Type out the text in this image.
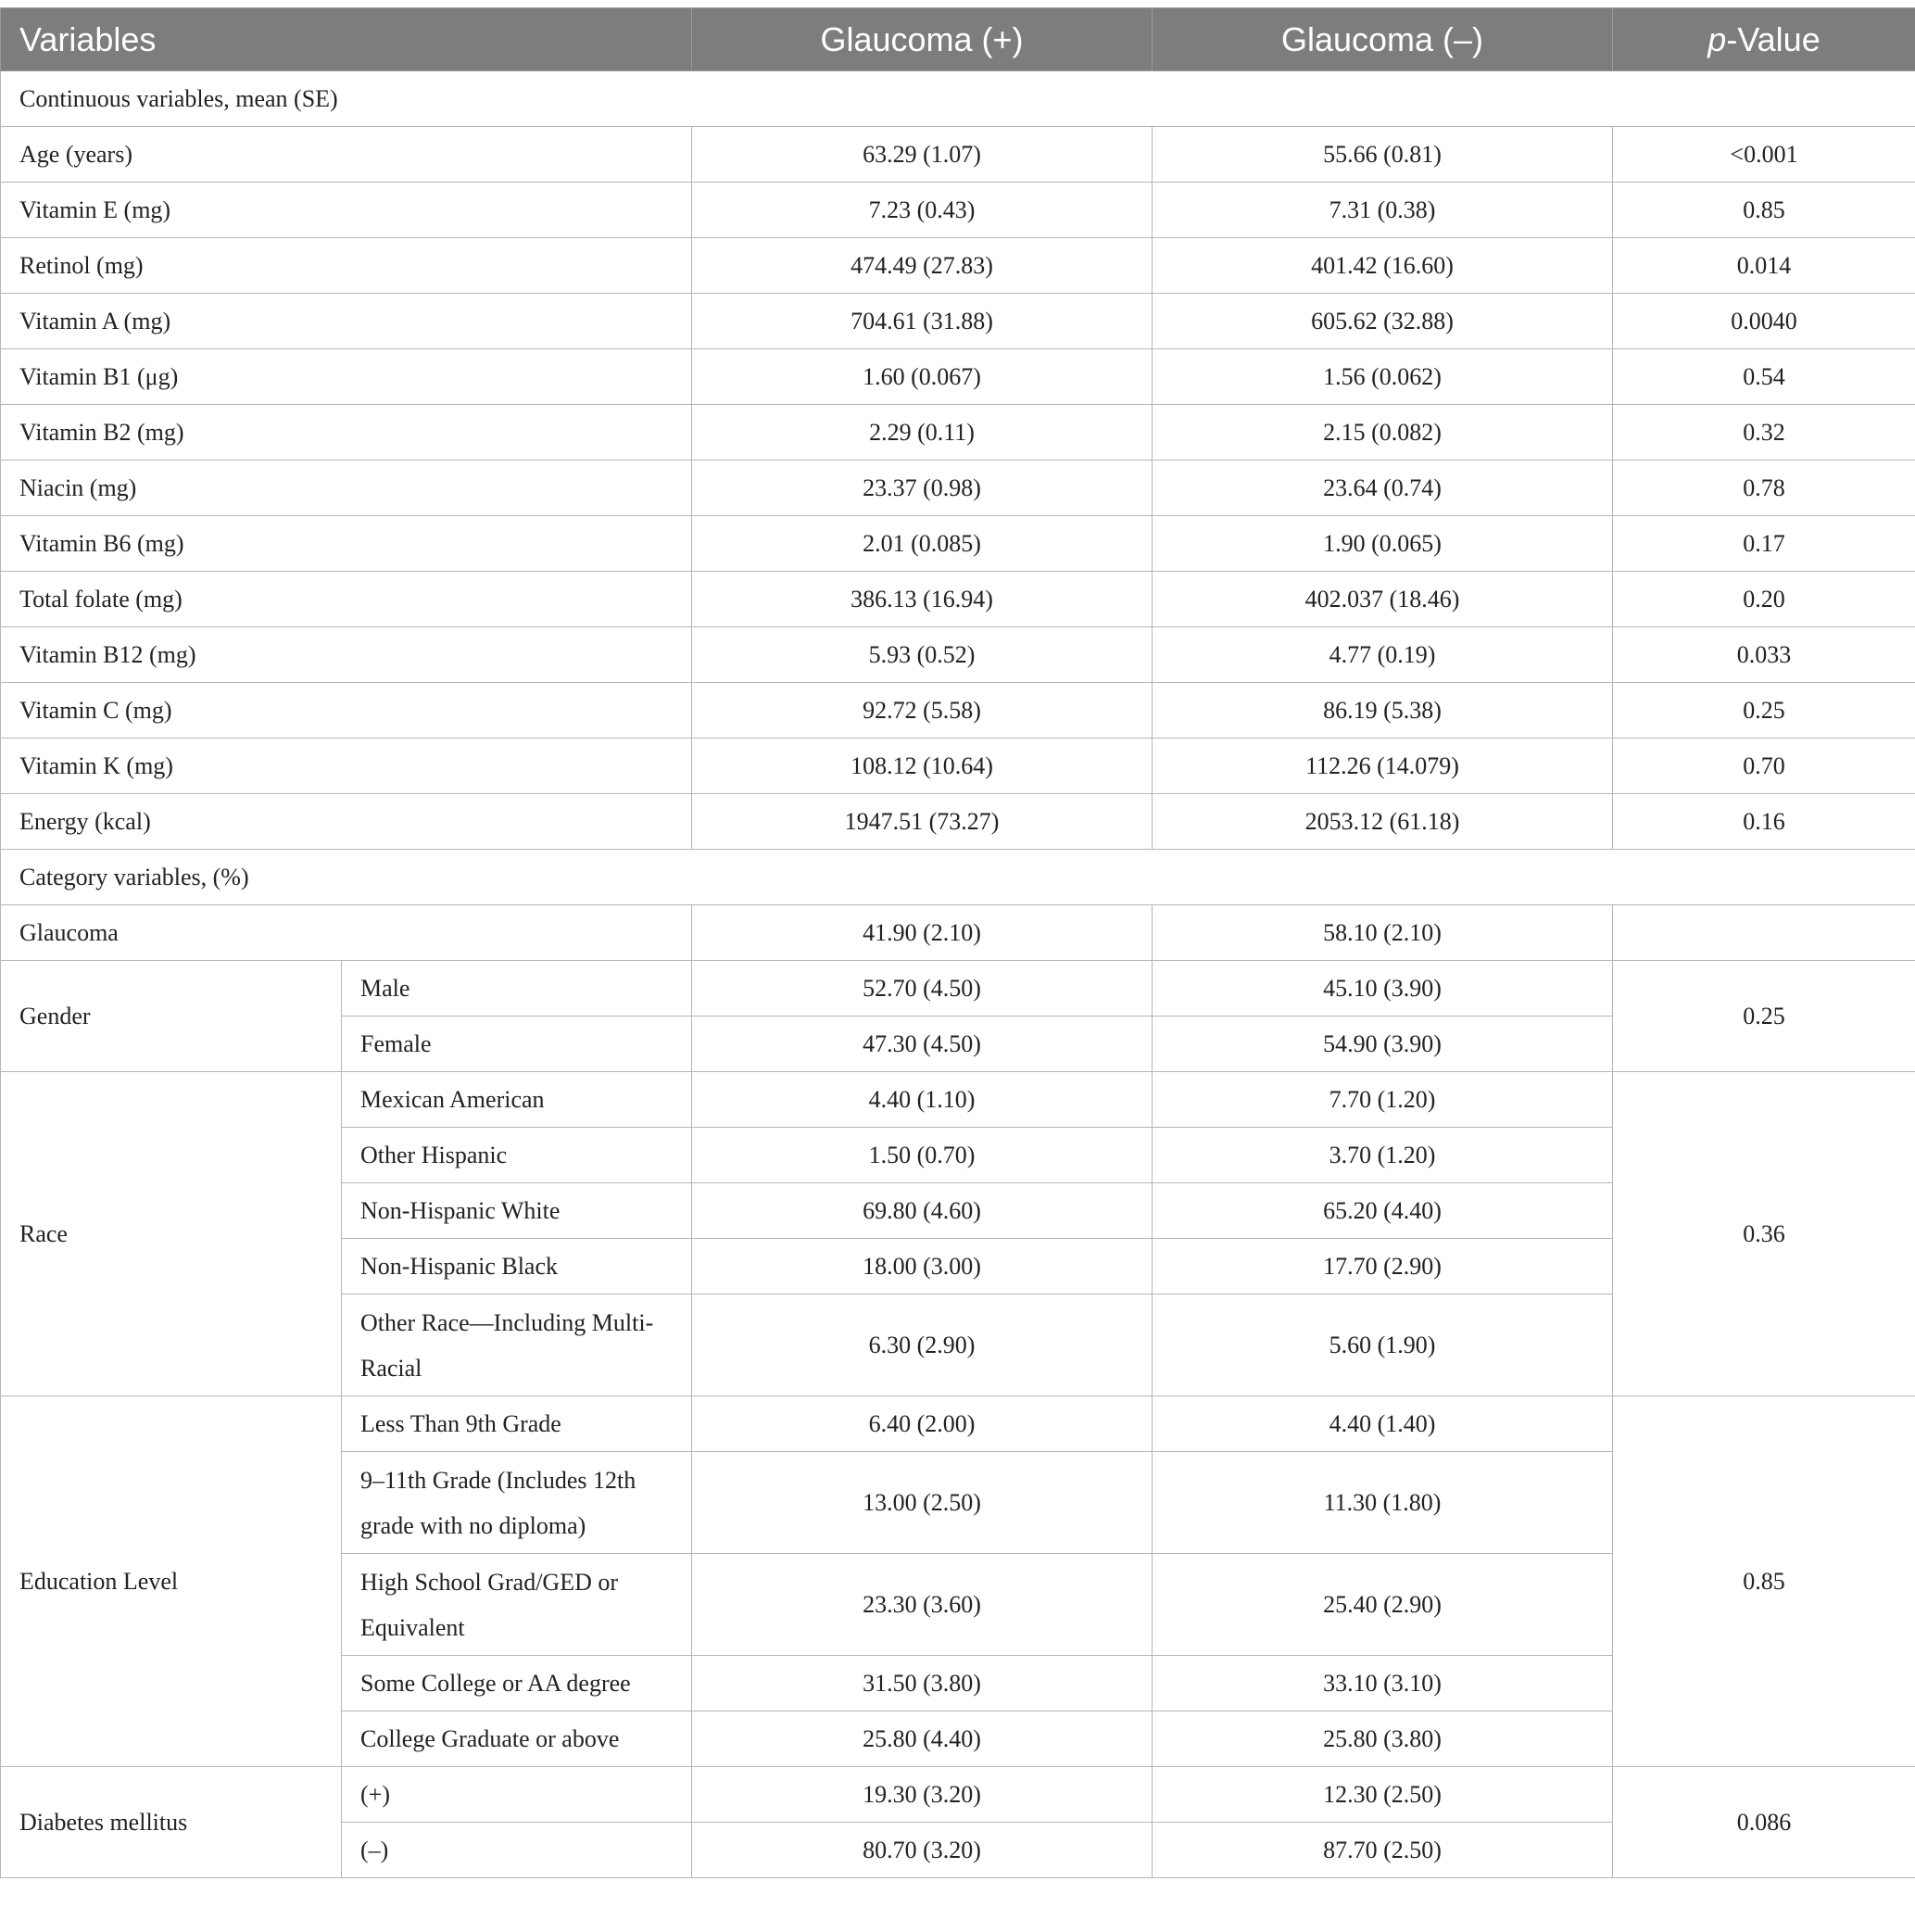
Variables		Glaucoma (+)	Glaucoma (–)	p-Value
Continuous variables, mean (SE)				
Age (years)		63.29 (1.07)	55.66 (0.81)	<0.001
Vitamin E (mg)		7.23 (0.43)	7.31 (0.38)	0.85
Retinol (mg)		474.49 (27.83)	401.42 (16.60)	0.014
Vitamin A (mg)		704.61 (31.88)	605.62 (32.88)	0.0040
Vitamin B1 (μg)		1.60 (0.067)	1.56 (0.062)	0.54
Vitamin B2 (mg)		2.29 (0.11)	2.15 (0.082)	0.32
Niacin (mg)		23.37 (0.98)	23.64 (0.74)	0.78
Vitamin B6 (mg)		2.01 (0.085)	1.90 (0.065)	0.17
Total folate (mg)		386.13 (16.94)	402.037 (18.46)	0.20
Vitamin B12 (mg)		5.93 (0.52)	4.77 (0.19)	0.033
Vitamin C (mg)		92.72 (5.58)	86.19 (5.38)	0.25
Vitamin K (mg)		108.12 (10.64)	112.26 (14.079)	0.70
Energy (kcal)		1947.51 (73.27)	2053.12 (61.18)	0.16
Category variables, (%)				
Glaucoma		41.90 (2.10)	58.10 (2.10)	
Gender	Male	52.70 (4.50)	45.10 (3.90)	0.25
	Female	47.30 (4.50)	54.90 (3.90)	
Race	Mexican American	4.40 (1.10)	7.70 (1.20)	0.36
	Other Hispanic	1.50 (0.70)	3.70 (1.20)	
	Non-Hispanic White	69.80 (4.60)	65.20 (4.40)	
	Non-Hispanic Black	18.00 (3.00)	17.70 (2.90)	
	Other Race—Including Multi-Racial	6.30 (2.90)	5.60 (1.90)	
Education Level	Less Than 9th Grade	6.40 (2.00)	4.40 (1.40)	0.85
	9–11th Grade (Includes 12th grade with no diploma)	13.00 (2.50)	11.30 (1.80)	
	High School Grad/GED or Equivalent	23.30 (3.60)	25.40 (2.90)	
	Some College or AA degree	31.50 (3.80)	33.10 (3.10)	
	College Graduate or above	25.80 (4.40)	25.80 (3.80)	
Diabetes mellitus	(+)	19.30 (3.20)	12.30 (2.50)	0.086
	(–)	80.70 (3.20)	87.70 (2.50)	
